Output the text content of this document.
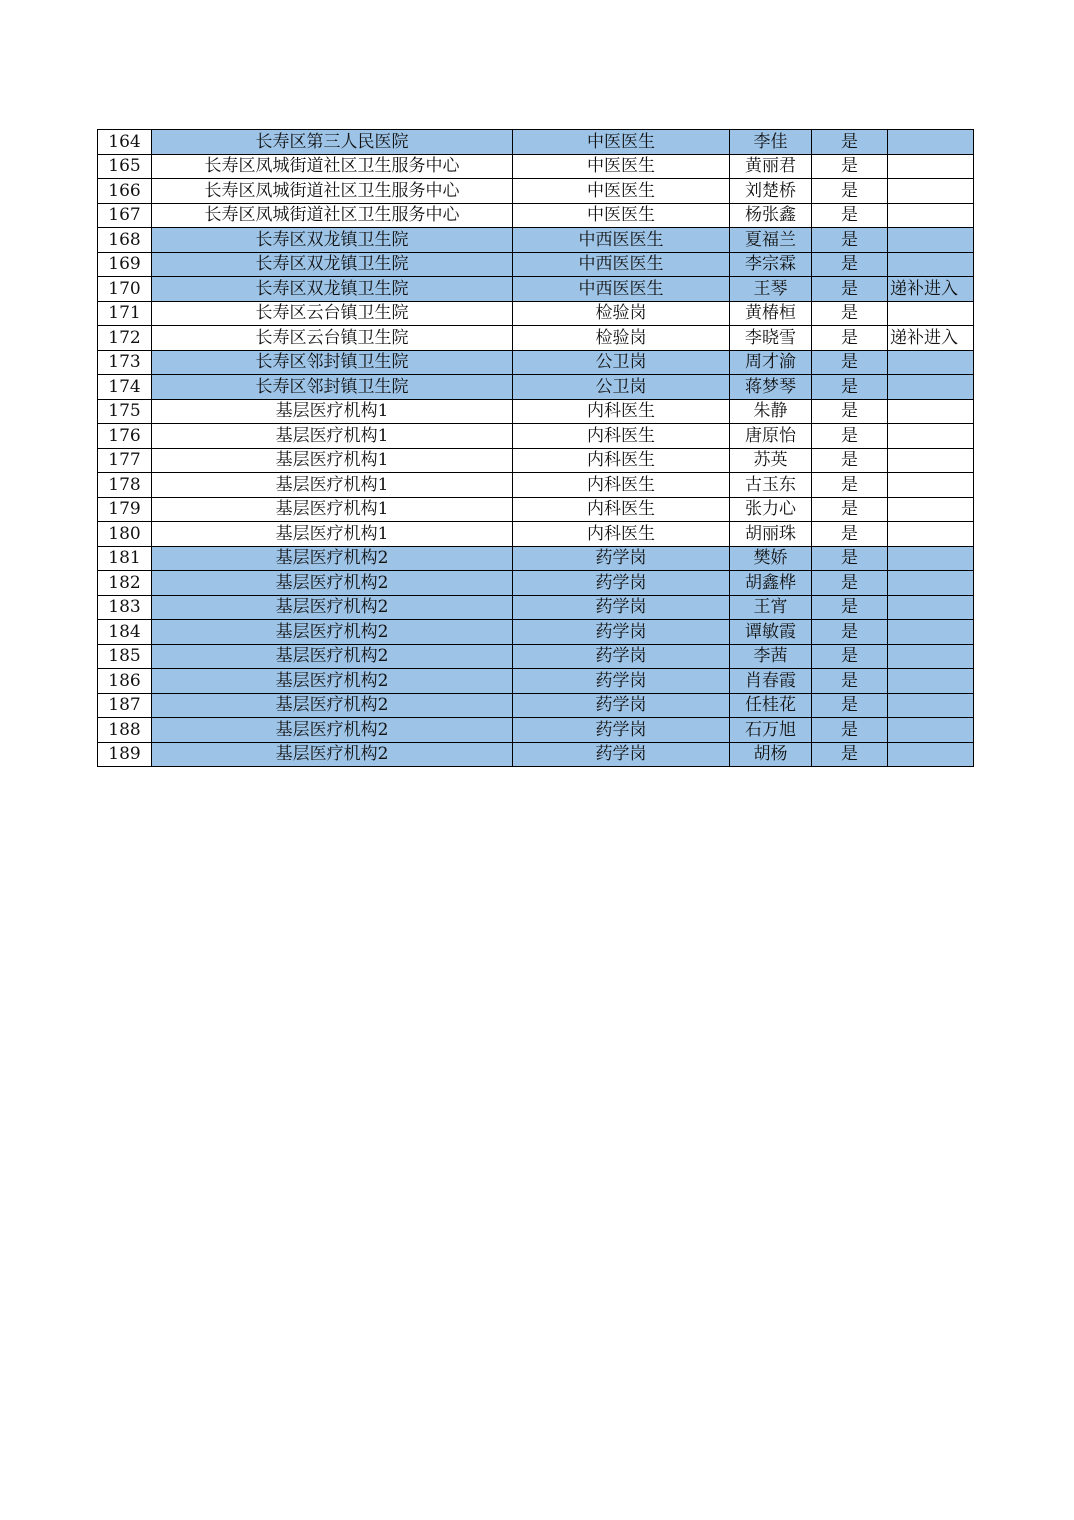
164	长寿区第三人民医院	中医医生	李佳	是	
165	长寿区凤城街道社区卫生服务中心	中医医生	黄丽君	是	
166	长寿区凤城街道社区卫生服务中心	中医医生	刘楚桥	是	
167	长寿区凤城街道社区卫生服务中心	中医医生	杨张鑫	是	
168	长寿区双龙镇卫生院	中西医医生	夏福兰	是	
169	长寿区双龙镇卫生院	中西医医生	李宗霖	是	
170	长寿区双龙镇卫生院	中西医医生	王琴	是	递补进入
171	长寿区云台镇卫生院	检验岗	黄椿桓	是	
172	长寿区云台镇卫生院	检验岗	李晓雪	是	递补进入
173	长寿区邻封镇卫生院	公卫岗	周才渝	是	
174	长寿区邻封镇卫生院	公卫岗	蒋梦琴	是	
175	基层医疗机构1	内科医生	朱静	是	
176	基层医疗机构1	内科医生	唐原怡	是	
177	基层医疗机构1	内科医生	苏英	是	
178	基层医疗机构1	内科医生	古玉东	是	
179	基层医疗机构1	内科医生	张力心	是	
180	基层医疗机构1	内科医生	胡丽珠	是	
181	基层医疗机构2	药学岗	樊娇	是	
182	基层医疗机构2	药学岗	胡鑫桦	是	
183	基层医疗机构2	药学岗	王宵	是	
184	基层医疗机构2	药学岗	谭敏霞	是	
185	基层医疗机构2	药学岗	李茜	是	
186	基层医疗机构2	药学岗	肖春霞	是	
187	基层医疗机构2	药学岗	任桂花	是	
188	基层医疗机构2	药学岗	石万旭	是	
189	基层医疗机构2	药学岗	胡杨	是	
